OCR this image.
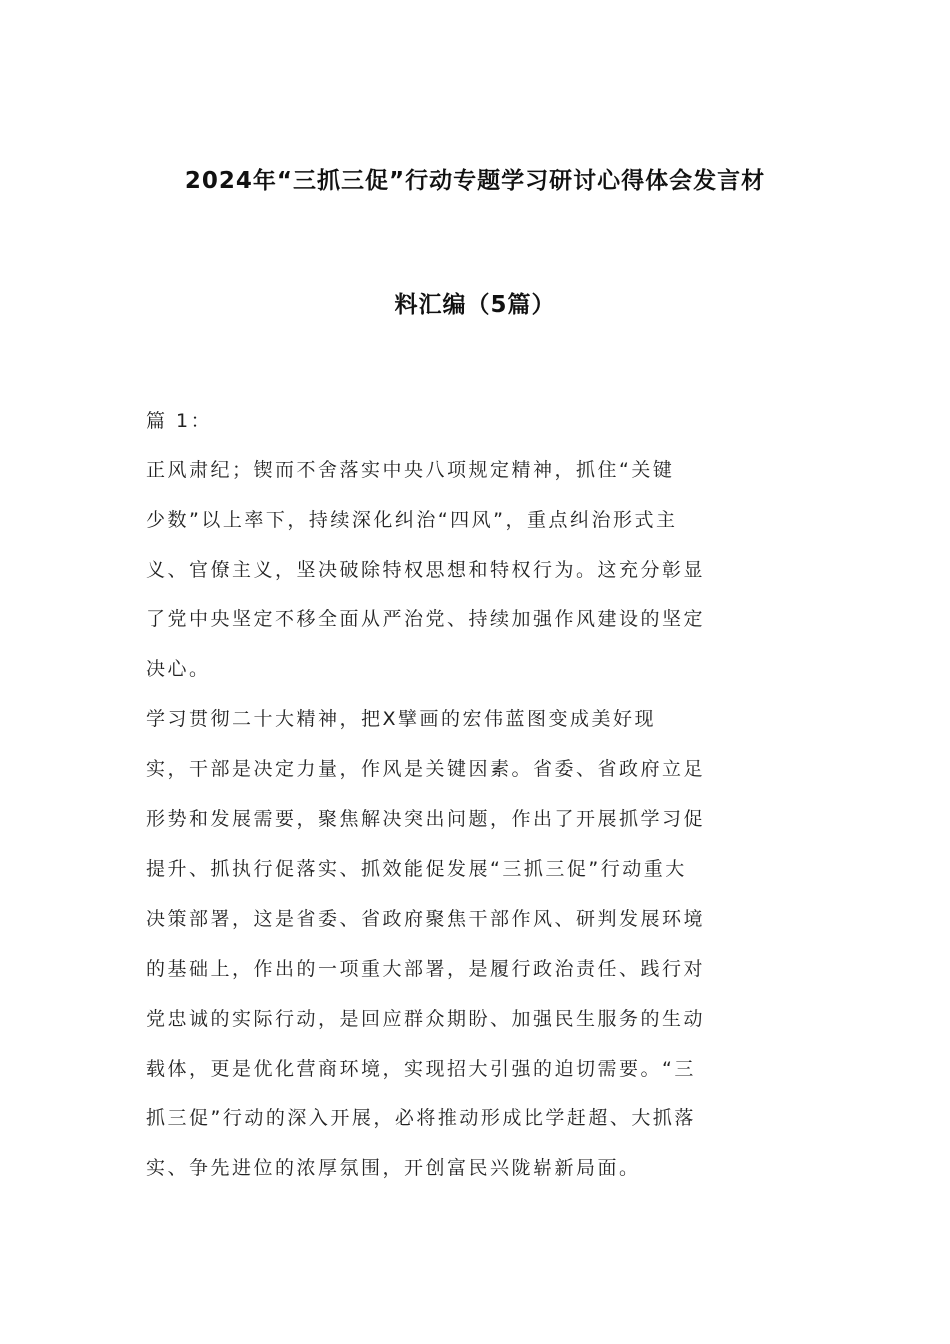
2024年“三抓三促”行动专题学习研讨心得体会发言材
料汇编（5篇）
篇 1：
正风肃纪；锲而不舍落实中央八项规定精神，抓住“关键
少数”以上率下，持续深化纠治“四风”，重点纠治形式主
义、官僚主义，坚决破除特权思想和特权行为。这充分彰显
了党中央坚定不移全面从严治党、持续加强作风建设的坚定
决心。
学习贯彻二十大精神，把X擘画的宏伟蓝图变成美好现
实，干部是决定力量，作风是关键因素。省委、省政府立足
形势和发展需要，聚焦解决突出问题，作出了开展抓学习促
提升、抓执行促落实、抓效能促发展“三抓三促”行动重大
决策部署，这是省委、省政府聚焦干部作风、研判发展环境
的基础上，作出的一项重大部署，是履行政治责任、践行对
党忠诚的实际行动，是回应群众期盼、加强民生服务的生动
载体，更是优化营商环境，实现招大引强的迫切需要。“三
抓三促”行动的深入开展，必将推动形成比学赶超、大抓落
实、争先进位的浓厚氛围，开创富民兴陇崭新局面。
